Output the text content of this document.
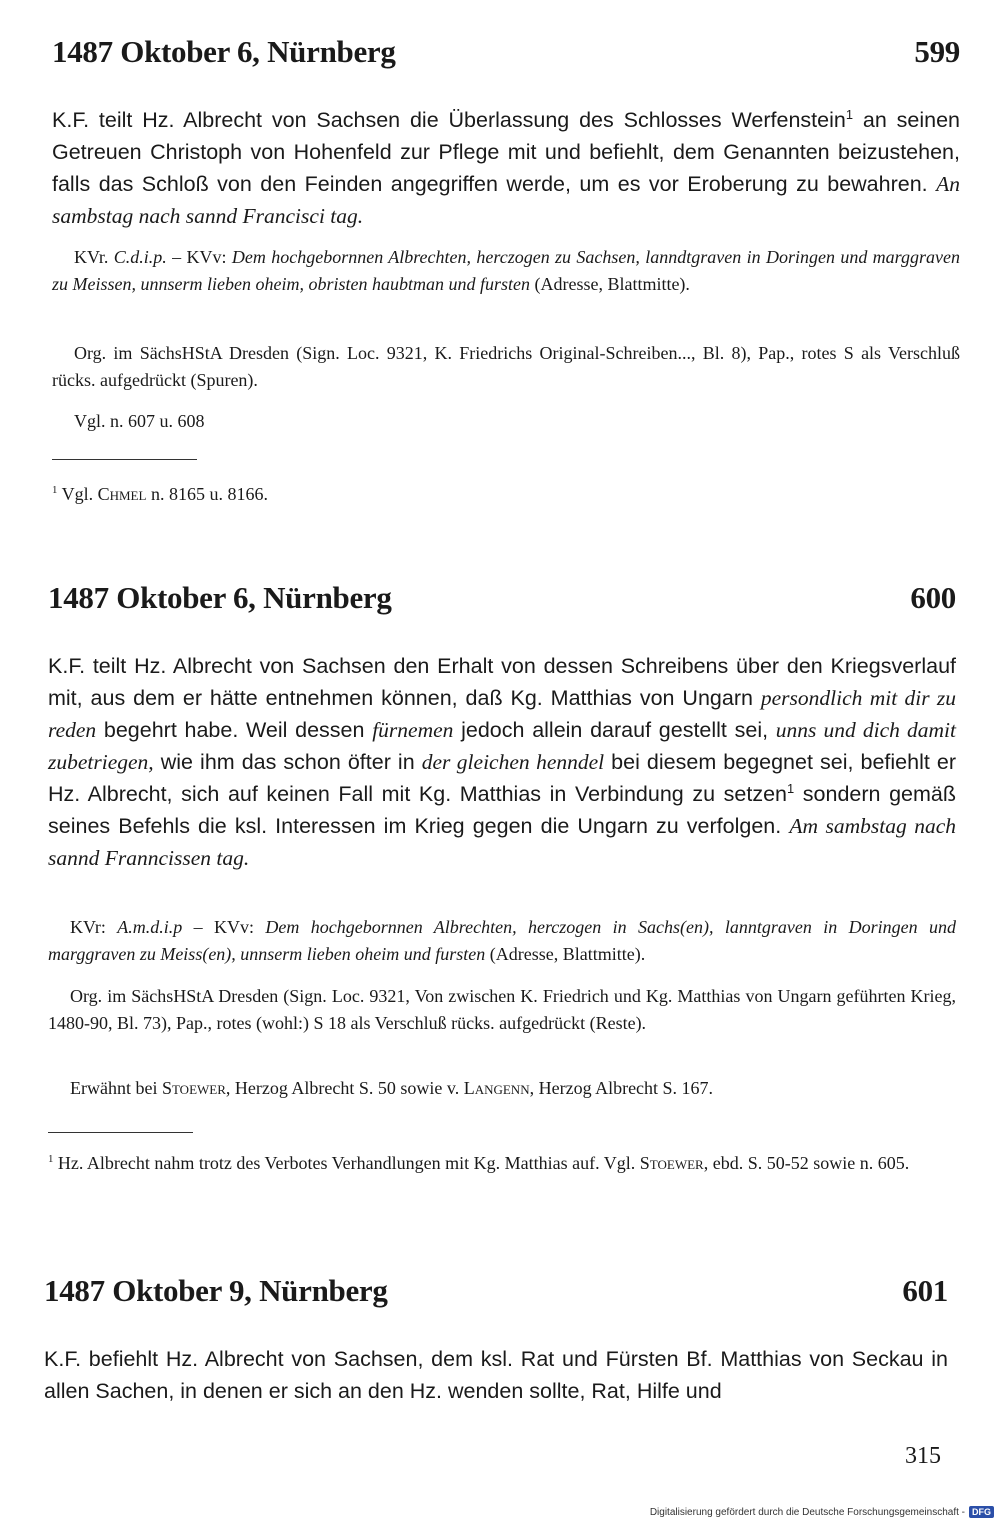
1487 Oktober 6, Nürnberg	599

K.F. teilt Hz. Albrecht von Sachsen die Überlassung des Schlosses Werfenstein$^1$ an seinen Getreuen Christoph von Hohenfeld zur Pflege mit und befiehlt, dem Genannten beizustehen, falls das Schloß von den Feinden angegriffen werde, um es vor Eroberung zu bewahren. An sambstag nach sannd Francisci tag.

KVr. C.d.i.p. – KVv: Dem hochgebornnen Albrechten, herczogen zu Sachsen, lanndtgraven in Doringen und marggraven zu Meissen, unnserm lieben oheim, obristen haubtman und fursten (Adresse, Blattmitte).

Org. im SächsHStA Dresden (Sign. Loc. 9321, K. Friedrichs Original-Schreiben..., Bl. 8), Pap., rotes S als Verschluß rücks. aufgedrückt (Spuren).

Vgl. n. 607 u. 608

$^1$ Vgl. Chmel n. 8165 u. 8166.

1487 Oktober 6, Nürnberg	600

K.F. teilt Hz. Albrecht von Sachsen den Erhalt von dessen Schreibens über den Kriegsverlauf mit, aus dem er hätte entnehmen können, daß Kg. Matthias von Ungarn persondlich mit dir zu reden begehrt habe. Weil dessen fürnemen jedoch allein darauf gestellt sei, unns und dich damit zubetriegen, wie ihm das schon öfter in der gleichen henndel bei diesem begegnet sei, befiehlt er Hz. Albrecht, sich auf keinen Fall mit Kg. Matthias in Verbindung zu setzen$^1$ sondern gemäß seines Befehls die ksl. Interessen im Krieg gegen die Ungarn zu verfolgen. Am sambstag nach sannd Franncissen tag.

KVr: A.m.d.i.p – KVv: Dem hochgebornnen Albrechten, herczogen in Sachs(en), lanntgraven in Doringen und marggraven zu Meiss(en), unnserm lieben oheim und fursten (Adresse, Blattmitte).

Org. im SächsHStA Dresden (Sign. Loc. 9321, Von zwischen K. Friedrich und Kg. Matthias von Ungarn geführten Krieg, 1480-90, Bl. 73), Pap., rotes (wohl:) S 18 als Verschluß rücks. aufgedrückt (Reste).

Erwähnt bei Stoewer, Herzog Albrecht S. 50 sowie v. Langenn, Herzog Albrecht S. 167.

$^1$ Hz. Albrecht nahm trotz des Verbotes Verhandlungen mit Kg. Matthias auf. Vgl. Stoewer, ebd. S. 50-52 sowie n. 605.

1487 Oktober 9, Nürnberg	601

K.F. befiehlt Hz. Albrecht von Sachsen, dem ksl. Rat und Fürsten Bf. Matthias von Seckau in allen Sachen, in denen er sich an den Hz. wenden sollte, Rat, Hilfe und

315
Digitalisierung gefördert durch die Deutsche Forschungsgemeinschaft - DFG
